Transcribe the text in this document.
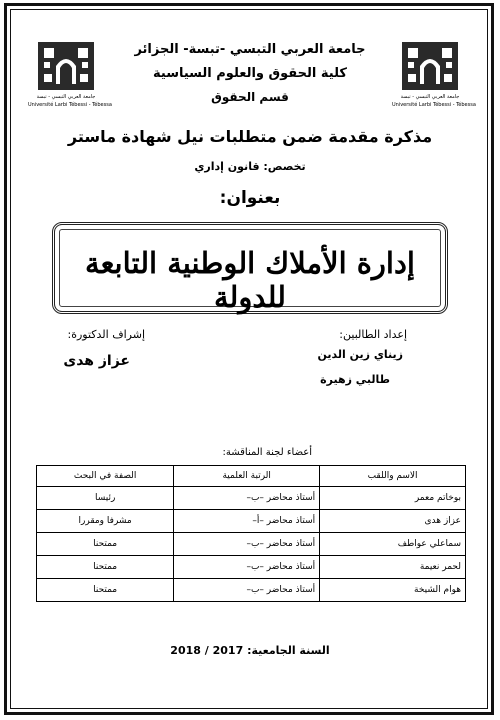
جامعة العربي التبسي - تبسة
Université Larbi Tébessi - Tébessa
جامعة العربي التبسي - تبسة
Université Larbi Tébessi - Tébessa
جامعة العربي التبسي -تبسة- الجزائر
كلية الحقوق والعلوم السياسية
قسم الحقوق
مذكرة مقدمة ضمن متطلبات نيل شهادة ماستر
تخصص: قانون إداري
بعنوان:
إدارة الأملاك الوطنية التابعة للدولة
إعداد الطالبين:
زيناي زين الدين
طالبي زهيرة
إشراف الدكتورة:
عزاز هدى
أعضاء لجنة المناقشة:
الاسم واللقب	الرتبة العلمية	الصفة في البحث
بوخاتم معمر	أستاذ محاضر –ب–	رئيسا
عزاز هدى	أستاذ محاضر –أ–	مشرفا ومقررا
سماعلي عواطف	أستاذ محاضر –ب–	ممتحنا
لحمر نعيمة	أستاذ محاضر –ب–	ممتحنا
هوام الشيخة	أستاذ محاضر –ب–	ممتحنا
السنة الجامعية: 2017 / 2018
